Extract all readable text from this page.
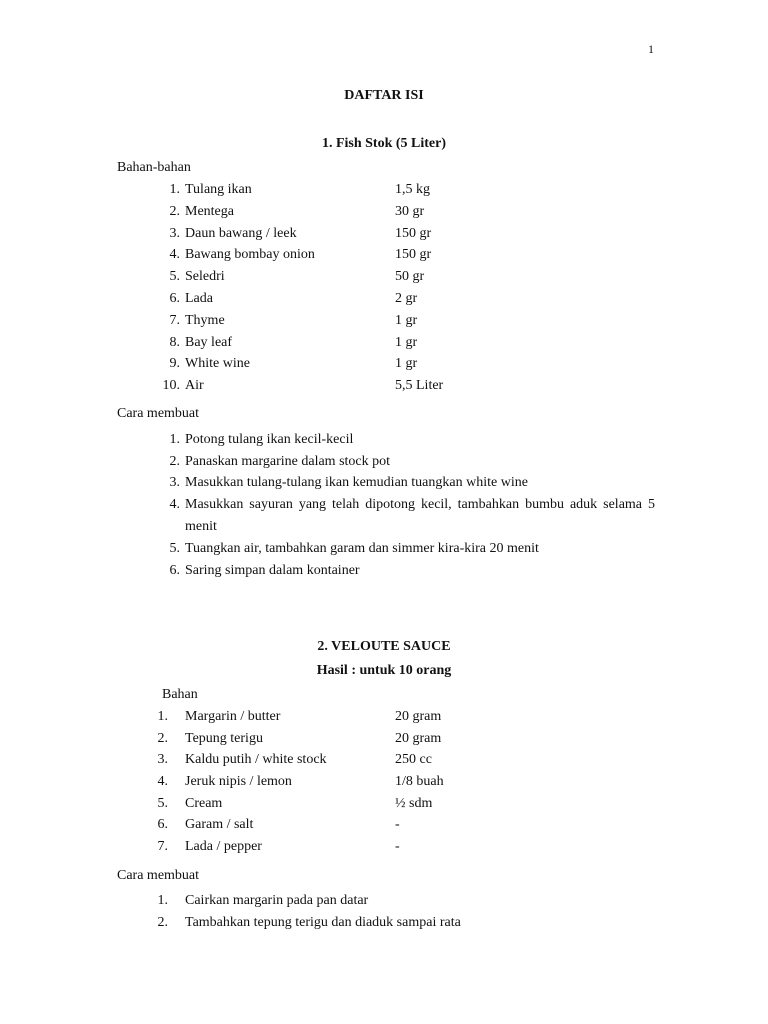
1
DAFTAR ISI
1. Fish Stok (5 Liter)
Bahan-bahan
1. Tulang ikan	1,5 kg
2. Mentega	30 gr
3. Daun bawang / leek	150 gr
4. Bawang bombay onion	150 gr
5. Seledri	50 gr
6. Lada	2 gr
7. Thyme	1 gr
8. Bay leaf	1 gr
9. White wine	1 gr
10. Air	5,5 Liter
Cara membuat
1. Potong tulang ikan kecil-kecil
2. Panaskan margarine dalam stock pot
3. Masukkan tulang-tulang ikan kemudian tuangkan white wine
4. Masukkan sayuran yang telah dipotong kecil, tambahkan bumbu aduk selama 5 menit
5. Tuangkan air, tambahkan garam dan simmer kira-kira 20 menit
6. Saring simpan dalam kontainer
2. VELOUTE SAUCE
Hasil : untuk 10 orang
Bahan
1. Margarin / butter	20 gram
2. Tepung terigu	20 gram
3. Kaldu putih / white stock	250 cc
4. Jeruk nipis / lemon	1/8 buah
5. Cream	½ sdm
6. Garam / salt	-
7. Lada / pepper	-
Cara membuat
1. Cairkan margarin pada pan datar
2. Tambahkan tepung terigu dan diaduk sampai rata
